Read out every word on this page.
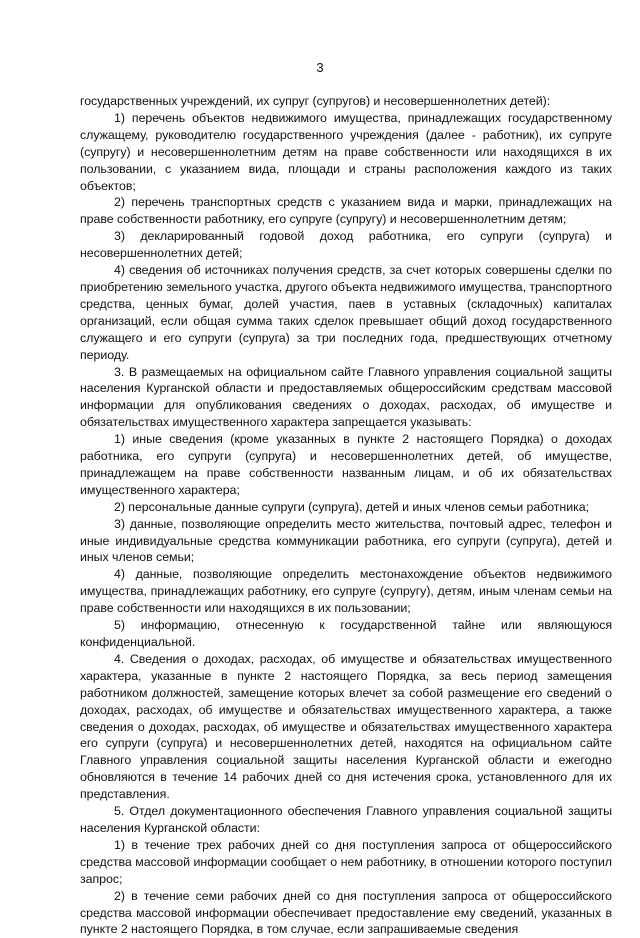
3

государственных учреждений, их супруг (супругов) и несовершеннолетних детей):

1) перечень объектов недвижимого имущества, принадлежащих государственному служащему, руководителю государственного учреждения (далее - работник), их супруге (супругу) и несовершеннолетним детям на праве собственности или находящихся в их пользовании, с указанием вида, площади и страны расположения каждого из таких объектов;

2) перечень транспортных средств с указанием вида и марки, принадлежащих на праве собственности работнику, его супруге (супругу) и несовершеннолетним детям;

3) декларированный годовой доход работника, его супруги (супруга) и несовершеннолетних детей;

4) сведения об источниках получения средств, за счет которых совершены сделки по приобретению земельного участка, другого объекта недвижимого имущества, транспортного средства, ценных бумаг, долей участия, паев в уставных (складочных) капиталах организаций, если общая сумма таких сделок превышает общий доход государственного служащего и его супруги (супруга) за три последних года, предшествующих отчетному периоду.

3. В размещаемых на официальном сайте Главного управления социальной защиты населения Курганской области и предоставляемых общероссийским средствам массовой информации для опубликования сведениях о доходах, расходах, об имуществе и обязательствах имущественного характера запрещается указывать:

1) иные сведения (кроме указанных в пункте 2 настоящего Порядка) о доходах работника, его супруги (супруга) и несовершеннолетних детей, об имуществе, принадлежащем на праве собственности названным лицам, и об их обязательствах имущественного характера;

2) персональные данные супруги (супруга), детей и иных членов семьи работника;

3) данные, позволяющие определить место жительства, почтовый адрес, телефон и иные индивидуальные средства коммуникации работника, его супруги (супруга), детей и иных членов семьи;

4) данные, позволяющие определить местонахождение объектов недвижимого имущества, принадлежащих работнику, его супруге (супругу), детям, иным членам семьи на праве собственности или находящихся в их пользовании;

5) информацию, отнесенную к государственной тайне или являющуюся конфиденциальной.

4. Сведения о доходах, расходах, об имуществе и обязательствах имущественного характера, указанные в пункте 2 настоящего Порядка, за весь период замещения работником должностей, замещение которых влечет за собой размещение его сведений о доходах, расходах, об имуществе и обязательствах имущественного характера, а также сведения о доходах, расходах, об имуществе и обязательствах имущественного характера его супруги (супруга) и несовершеннолетних детей, находятся на официальном сайте Главного управления социальной защиты населения Курганской области и ежегодно обновляются в течение 14 рабочих дней со дня истечения срока, установленного для их представления.

5. Отдел документационного обеспечения Главного управления социальной защиты населения Курганской области:

1) в течение трех рабочих дней со дня поступления запроса от общероссийского средства массовой информации сообщает о нем работнику, в отношении которого поступил запрос;

2) в течение семи рабочих дней со дня поступления запроса от общероссийского средства массовой информации обеспечивает предоставление ему сведений, указанных в пункте 2 настоящего Порядка, в том случае, если запрашиваемые сведения
